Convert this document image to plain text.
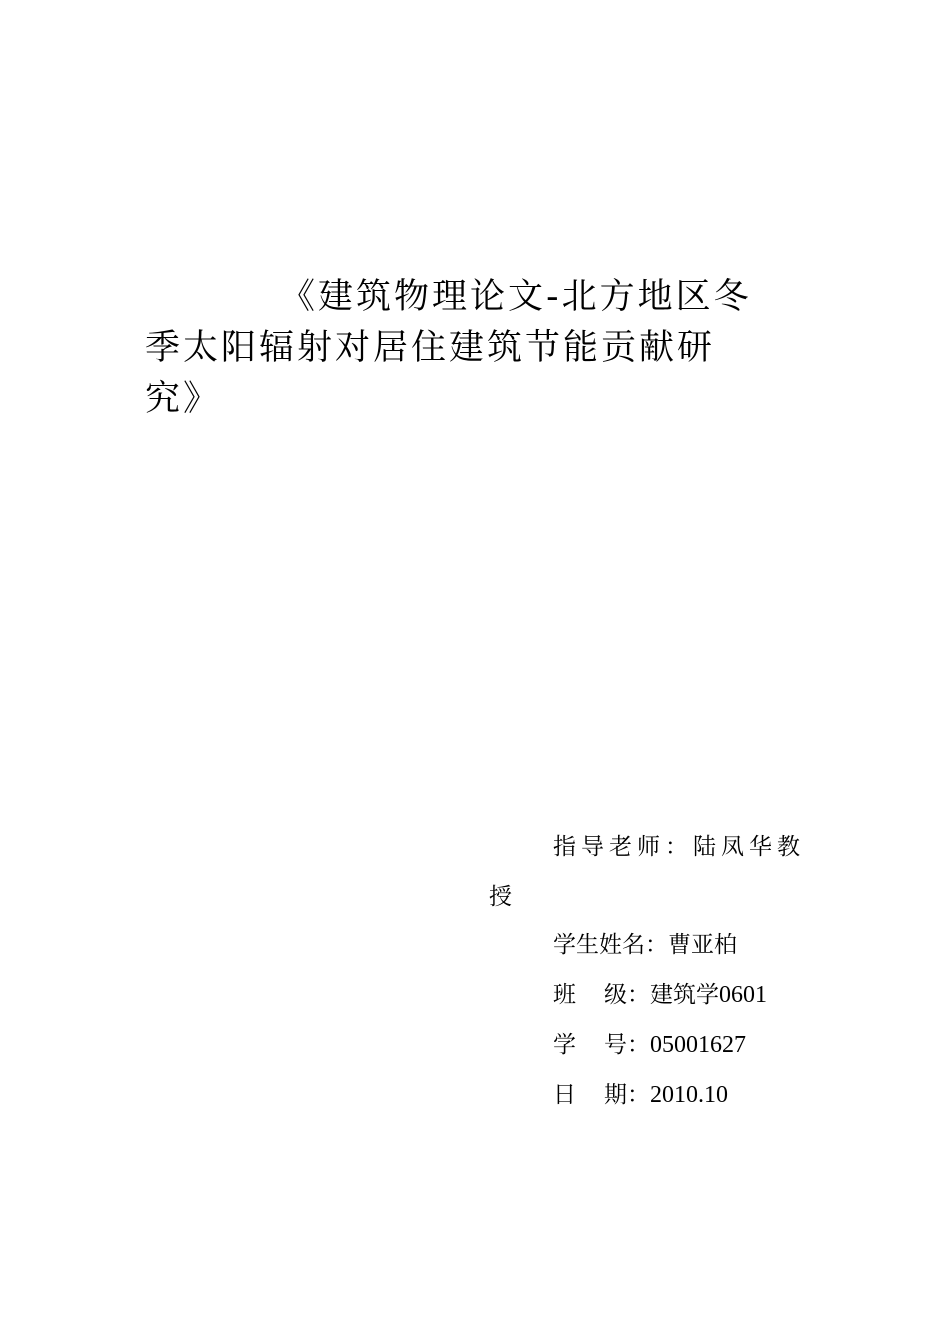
《建筑物理论文-北方地区冬
季太阳辐射对居住建筑节能贡献研
究》
指导老师：陆凤华教
授
学生姓名：曹亚柏
班 级：建筑学0601
学 号：05001627
日 期：2010.10
